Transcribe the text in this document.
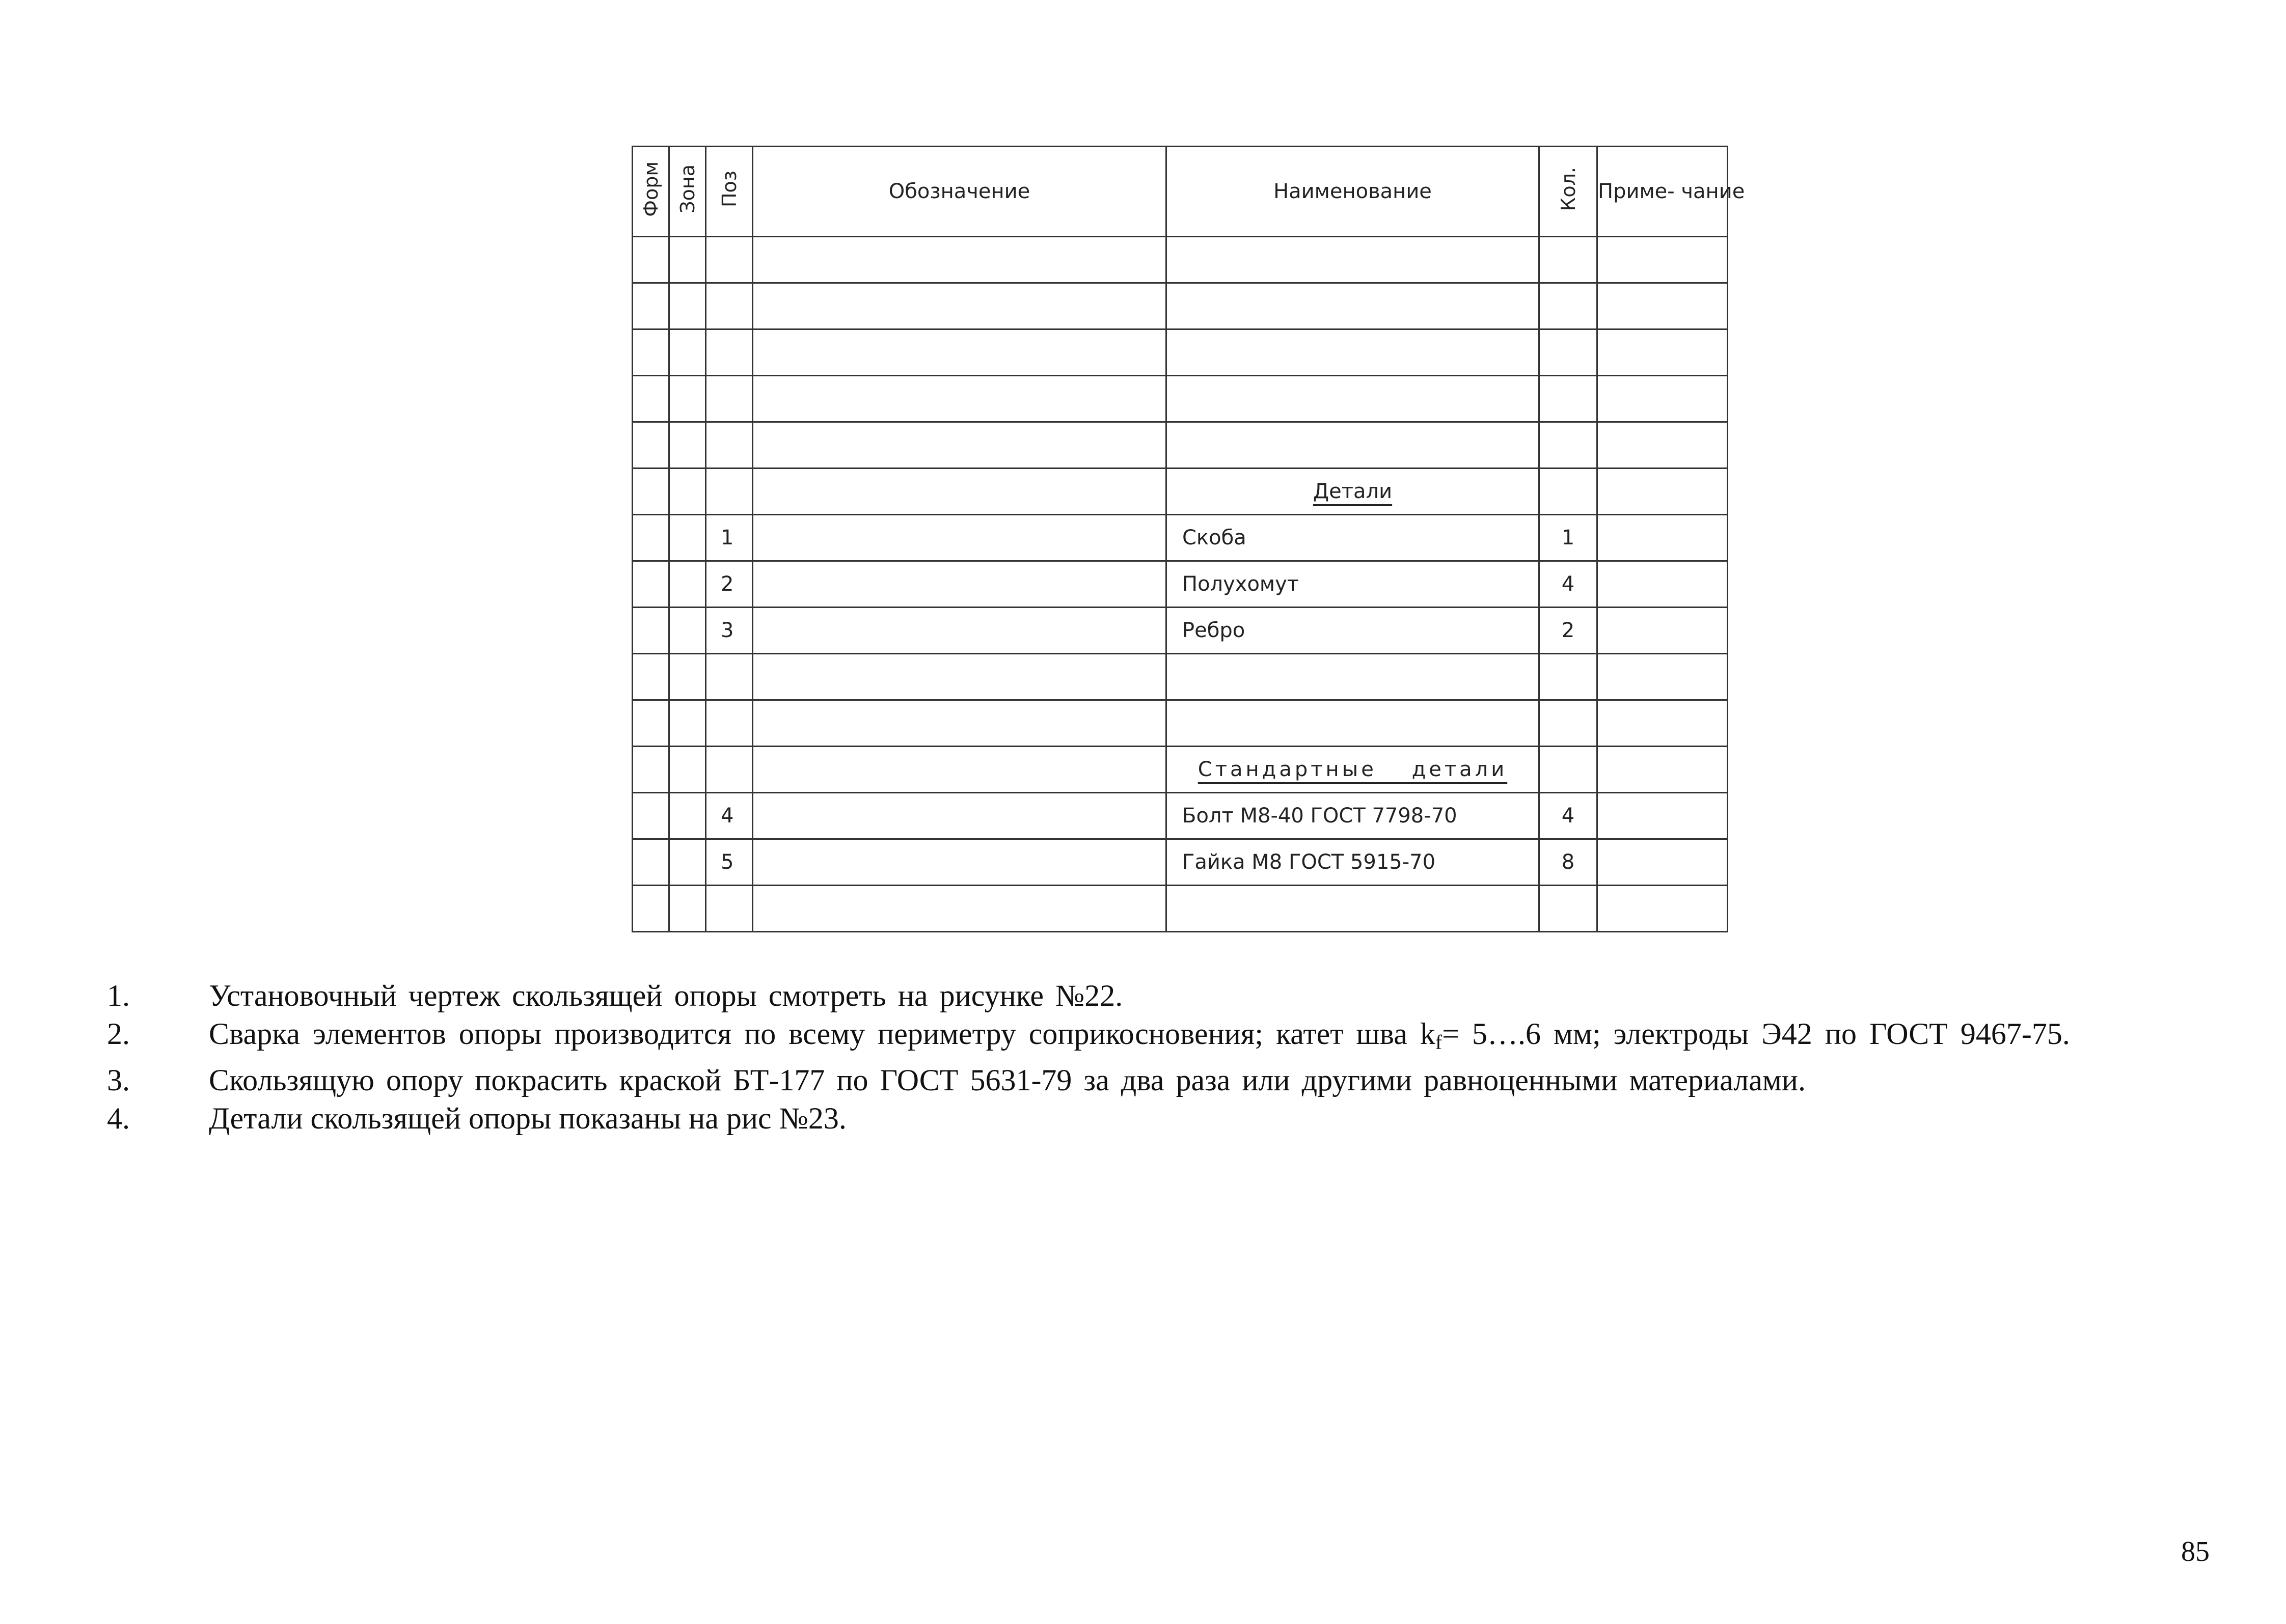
Форм	Зона	Поз	Обозначение	Наименование	Кол.	Приме- чание

				Детали		
		1		Скоба	1	
		2		Полухомут	4	
		3		Ребро	2	

				Стандартные детали		
		4		Болт М8-40 ГОСТ 7798-70	4	
		5		Гайка М8 ГОСТ 5915-70	8	

1.	Установочный чертеж скользящей опоры смотреть на рисунке №22.
2.	Сварка элементов опоры производится по всему периметру соприкосновения; катет шва $k_f=$ 5….6 мм; электроды Э42 по ГОСТ 9467-75.
3.	Скользящую опору покрасить краской БТ-177 по ГОСТ 5631-79 за два раза или другими равноценными материалами.
4.	Детали скользящей опоры показаны на рис №23.
85
